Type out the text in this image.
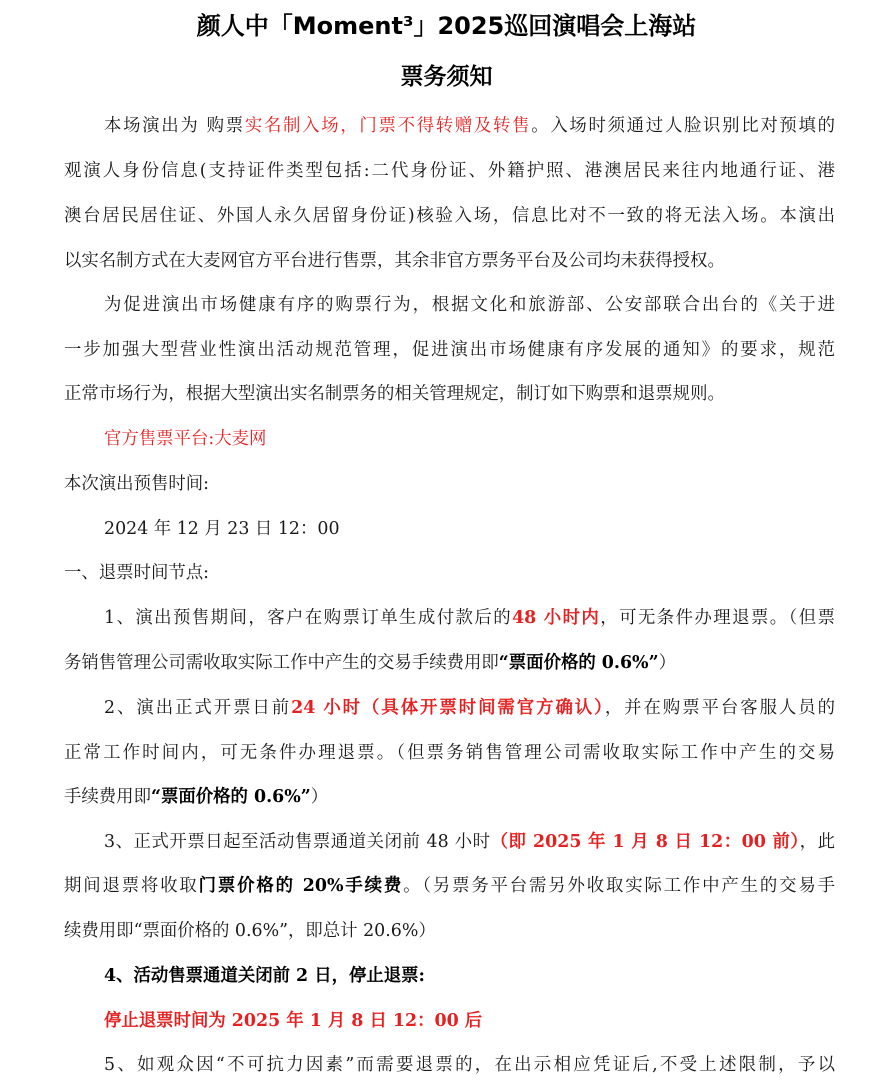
颜人中「Moment³」2025巡回演唱会上海站
票务须知
本场演出为 购票实名制入场，门票不得转赠及转售。入场时须通过人脸识别比对预填的
观演人身份信息(支持证件类型包括:二代身份证、外籍护照、港澳居民来往内地通行证、港
澳台居民居住证、外国人永久居留身份证)核验入场，信息比对不一致的将无法入场。本演出
以实名制方式在大麦网官方平台进行售票，其余非官方票务平台及公司均未获得授权。
为促进演出市场健康有序的购票行为，根据文化和旅游部、公安部联合出台的《关于进
一步加强大型营业性演出活动规范管理，促进演出市场健康有序发展的通知》的要求，规范
正常市场行为，根据大型演出实名制票务的相关管理规定，制订如下购票和退票规则。
官方售票平台:大麦网
本次演出预售时间:
2024 年 12 月 23 日 12：00
一、退票时间节点:
1、演出预售期间，客户在购票订单生成付款后的48 小时内，可无条件办理退票。（但票
务销售管理公司需收取实际工作中产生的交易手续费用即“票面价格的 0.6%”）
2、演出正式开票日前24 小时（具体开票时间需官方确认），并在购票平台客服人员的
正常工作时间内，可无条件办理退票。（但票务销售管理公司需收取实际工作中产生的交易
手续费用即“票面价格的 0.6%”）
3、正式开票日起至活动售票通道关闭前 48 小时（即 2025 年 1 月 8 日 12：00 前），此
期间退票将收取门票价格的 20%手续费。（另票务平台需另外收取实际工作中产生的交易手
续费用即“票面价格的 0.6%”，即总计 20.6%）
4、活动售票通道关闭前 2 日，停止退票:
停止退票时间为 2025 年 1 月 8 日 12：00 后
5、如观众因“不可抗力因素”而需要退票的，在出示相应凭证后,不受上述限制，予以
